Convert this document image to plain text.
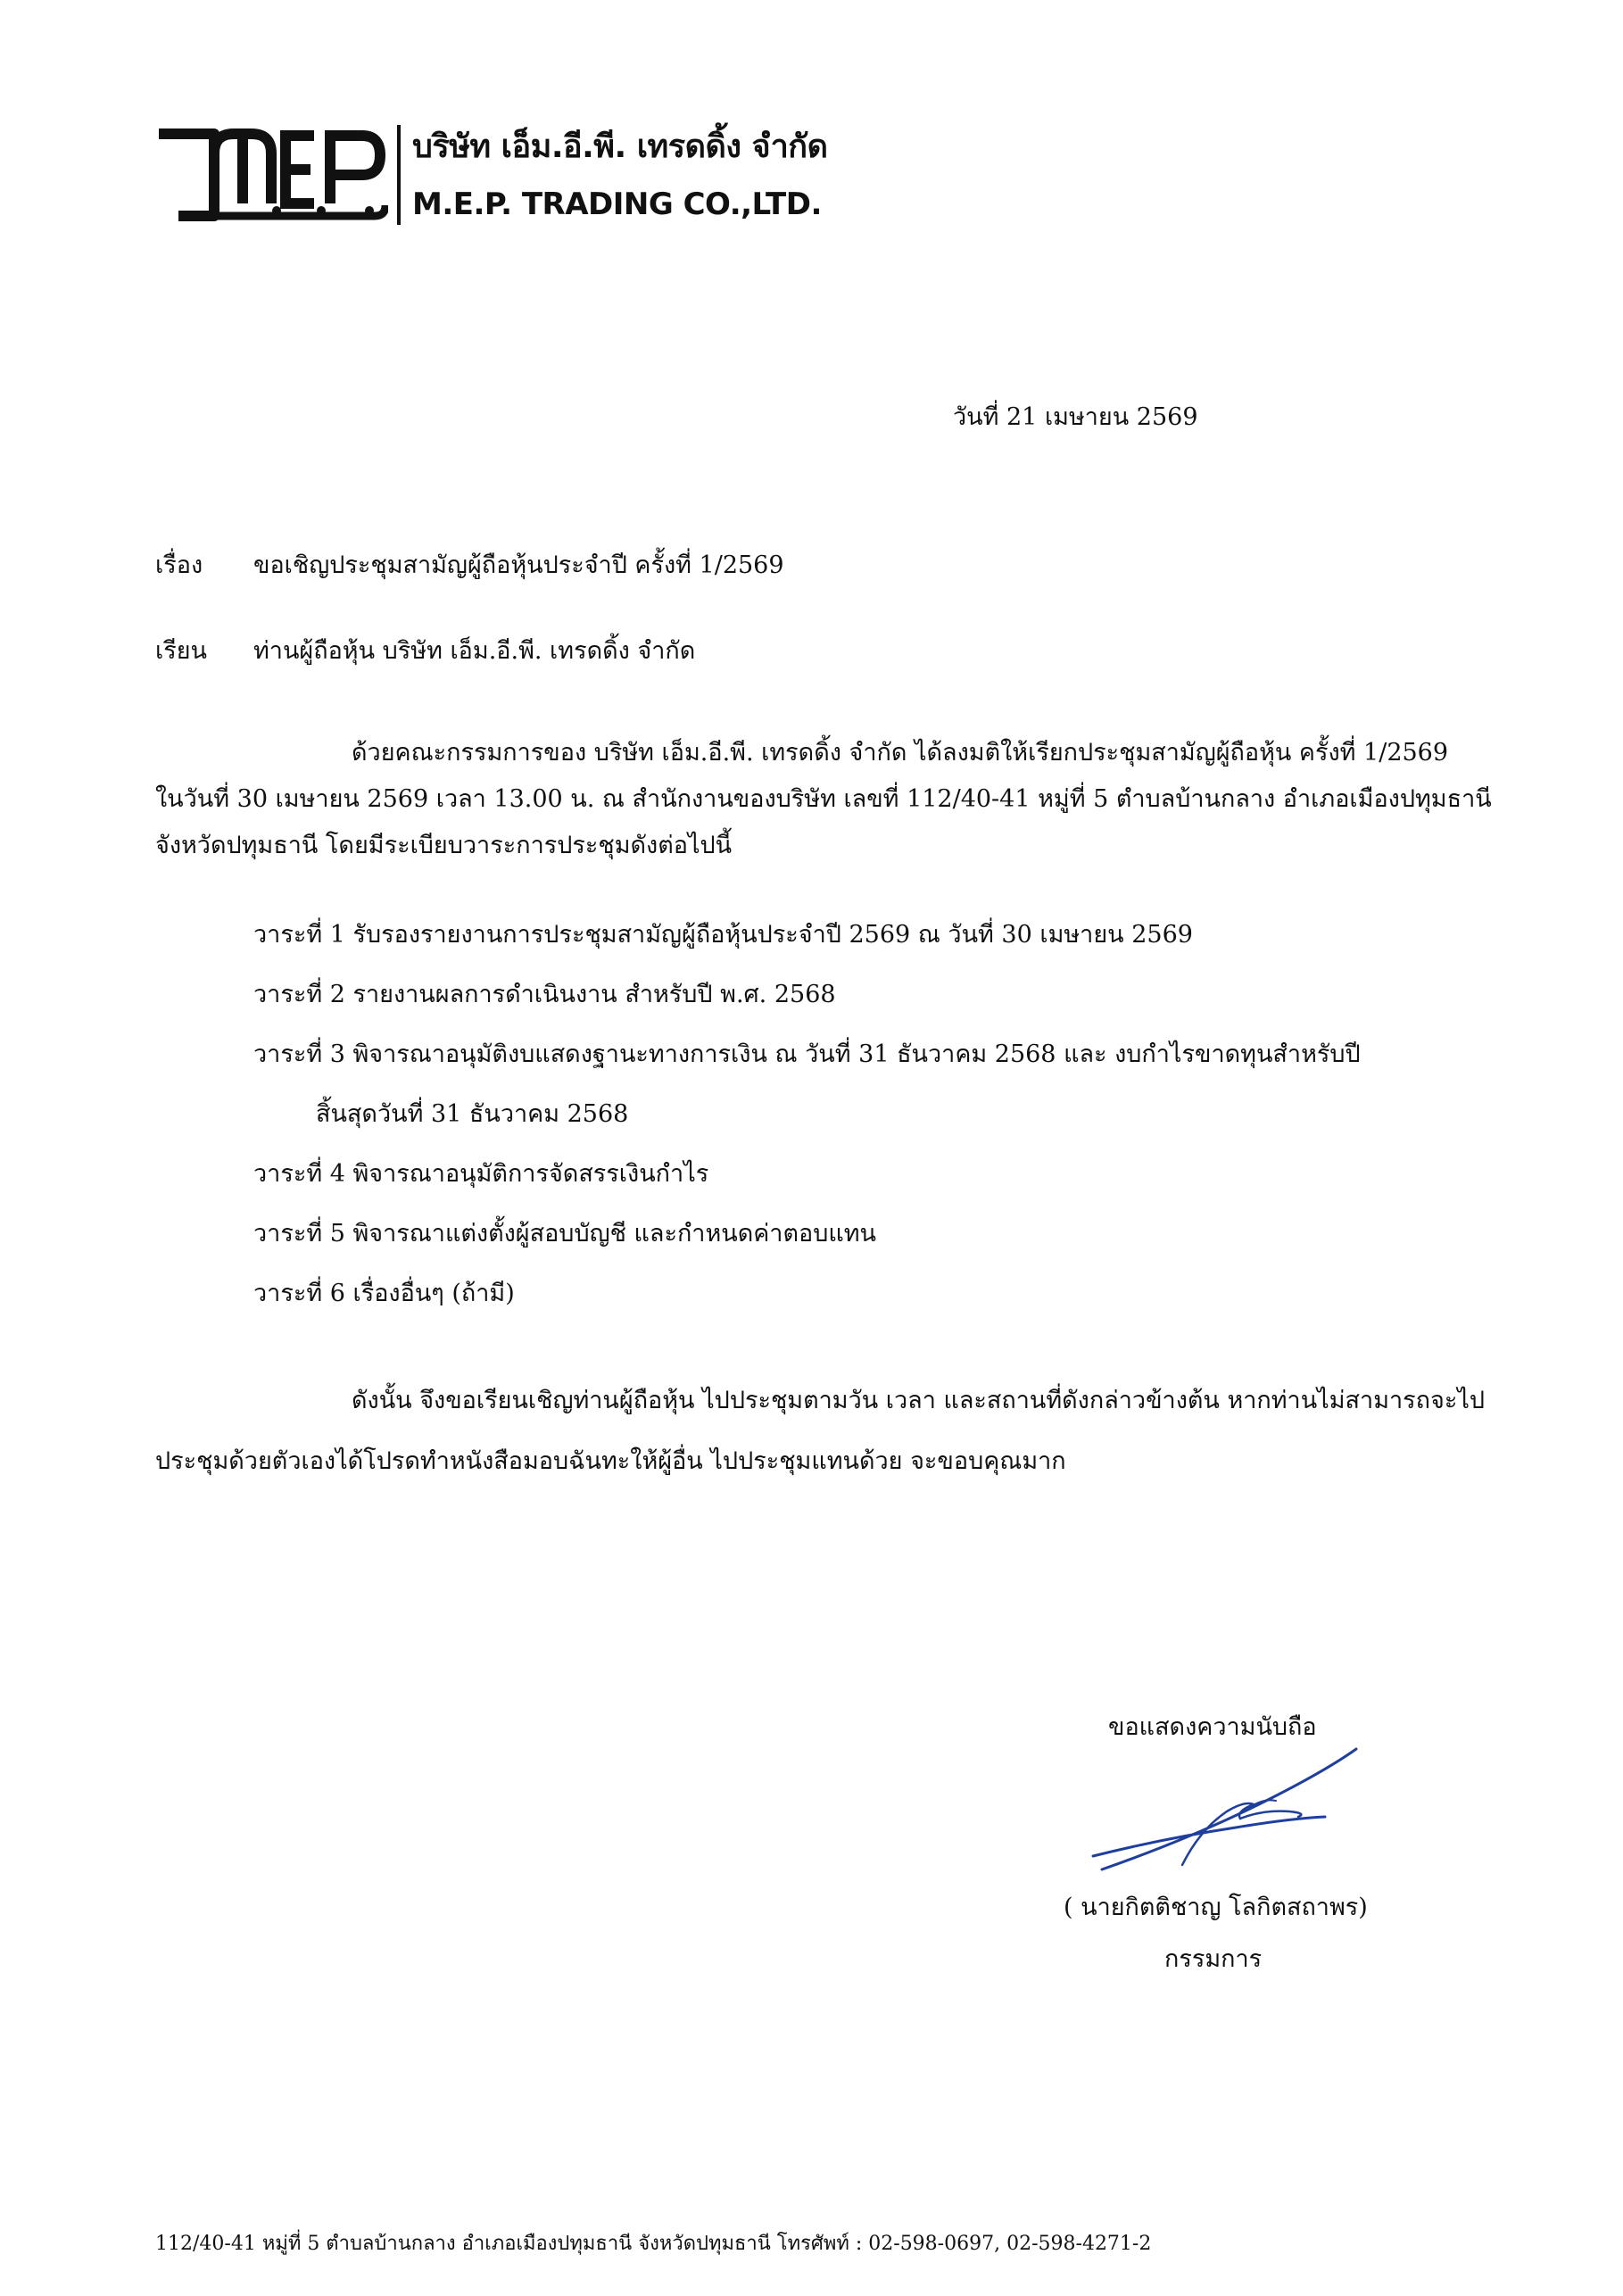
บริษัท เอ็ม.อี.พี. เทรดดิ้ง จำกัด
M.E.P. TRADING CO.,LTD.
วันที่ 21 เมษายน 2569
เรื่อง ขอเชิญประชุมสามัญผู้ถือหุ้นประจำปี ครั้งที่ 1/2569
เรียน ท่านผู้ถือหุ้น บริษัท เอ็ม.อี.พี. เทรดดิ้ง จำกัด
ด้วยคณะกรรมการของ บริษัท เอ็ม.อี.พี. เทรดดิ้ง จำกัด ได้ลงมติให้เรียกประชุมสามัญผู้ถือหุ้น ครั้งที่ 1/2569
ในวันที่ 30 เมษายน 2569 เวลา 13.00 น. ณ สำนักงานของบริษัท เลขที่ 112/40-41 หมู่ที่ 5 ตำบลบ้านกลาง อำเภอเมืองปทุมธานี
จังหวัดปทุมธานี โดยมีระเบียบวาระการประชุมดังต่อไปนี้
วาระที่ 1 รับรองรายงานการประชุมสามัญผู้ถือหุ้นประจำปี 2569 ณ วันที่ 30 เมษายน 2569
วาระที่ 2 รายงานผลการดำเนินงาน สำหรับปี พ.ศ. 2568
วาระที่ 3 พิจารณาอนุมัติงบแสดงฐานะทางการเงิน ณ วันที่ 31 ธันวาคม 2568 และ งบกำไรขาดทุนสำหรับปี
สิ้นสุดวันที่ 31 ธันวาคม 2568
วาระที่ 4 พิจารณาอนุมัติการจัดสรรเงินกำไร
วาระที่ 5 พิจารณาแต่งตั้งผู้สอบบัญชี และกำหนดค่าตอบแทน
วาระที่ 6 เรื่องอื่นๆ (ถ้ามี)
ดังนั้น จึงขอเรียนเชิญท่านผู้ถือหุ้น ไปประชุมตามวัน เวลา และสถานที่ดังกล่าวข้างต้น หากท่านไม่สามารถจะไป
ประชุมด้วยตัวเองได้โปรดทำหนังสือมอบฉันทะให้ผู้อื่น ไปประชุมแทนด้วย จะขอบคุณมาก
ขอแสดงความนับถือ
( นายกิตติชาญ โลกิตสถาพร)
กรรมการ
112/40-41 หมู่ที่ 5 ตำบลบ้านกลาง อำเภอเมืองปทุมธานี จังหวัดปทุมธานี โทรศัพท์ : 02-598-0697, 02-598-4271-2
